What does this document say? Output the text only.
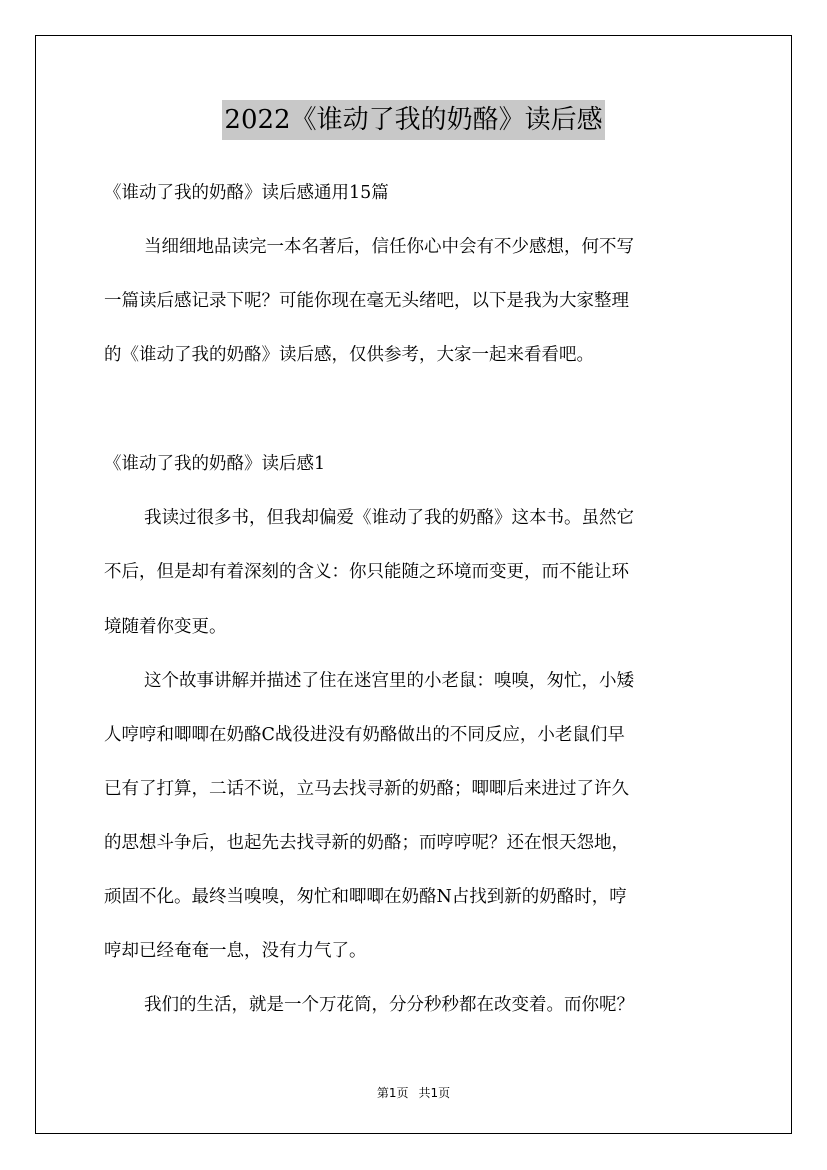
2022《谁动了我的奶酪》读后感
《谁动了我的奶酪》读后感通用15篇
当细细地品读完一本名著后，信任你心中会有不少感想，何不写
一篇读后感记录下呢？可能你现在毫无头绪吧，以下是我为大家整理
的《谁动了我的奶酪》读后感，仅供参考，大家一起来看看吧。
《谁动了我的奶酪》读后感1
我读过很多书，但我却偏爱《谁动了我的奶酪》这本书。虽然它
不后，但是却有着深刻的含义：你只能随之环境而变更，而不能让环
境随着你变更。
这个故事讲解并描述了住在迷宫里的小老鼠：嗅嗅，匆忙，小矮
人哼哼和唧唧在奶酪C战役进没有奶酪做出的不同反应，小老鼠们早
已有了打算，二话不说，立马去找寻新的奶酪；唧唧后来进过了许久
的思想斗争后，也起先去找寻新的奶酪；而哼哼呢？还在恨天怨地，
顽固不化。最终当嗅嗅，匆忙和唧唧在奶酪N占找到新的奶酪时，哼
哼却已经奄奄一息，没有力气了。
我们的生活，就是一个万花筒，分分秒秒都在改变着。而你呢？
第1页 共1页
